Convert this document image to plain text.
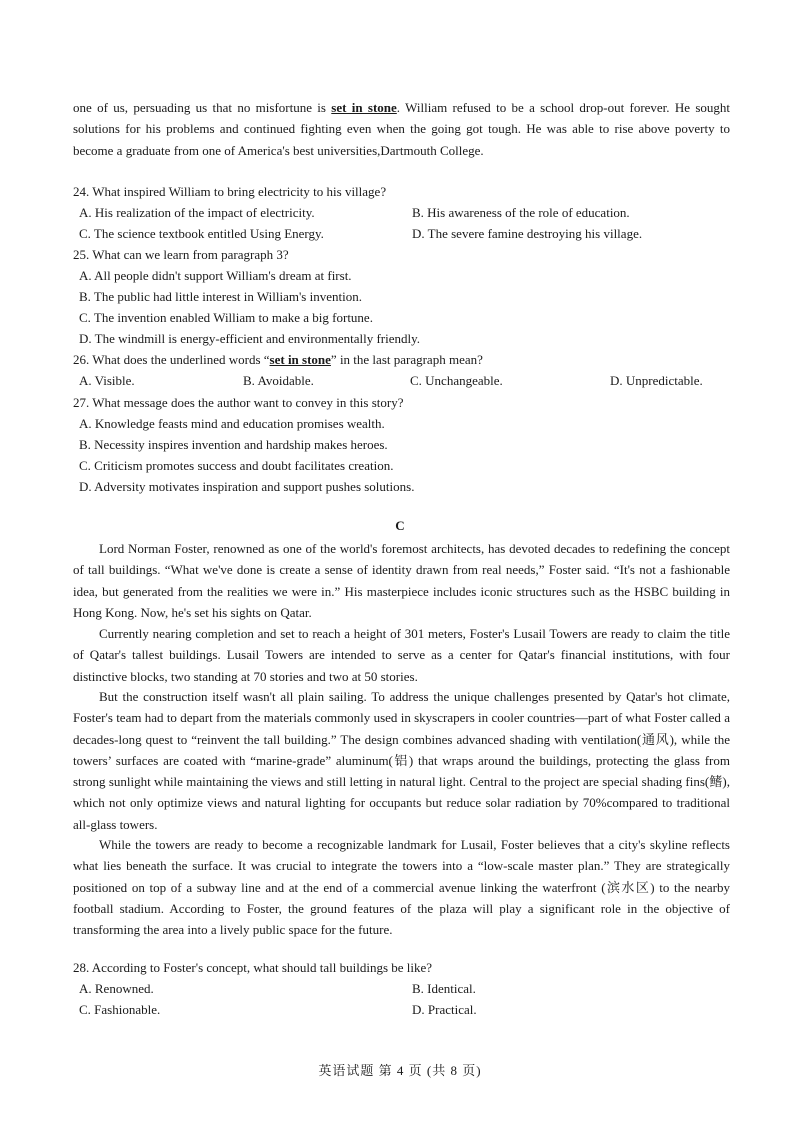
one of us, persuading us that no misfortune is set in stone. William refused to be a school drop-out forever. He sought solutions for his problems and continued fighting even when the going got tough. He was able to rise above poverty to become a graduate from one of America's best universities,Dartmouth College.

24. What inspired William to bring electricity to his village?
A. His realization of the impact of electricity.	B. His awareness of the role of education.
C. The science textbook entitled Using Energy.	D. The severe famine destroying his village.
25. What can we learn from paragraph 3?
A. All people didn't support William's dream at first.
B. The public had little interest in William's invention.
C. The invention enabled William to make a big fortune.
D. The windmill is energy-efficient and environmentally friendly.
26. What does the underlined words “set in stone” in the last paragraph mean?
A. Visible.	B. Avoidable.	C. Unchangeable.	D. Unpredictable.
27. What message does the author want to convey in this story?
A. Knowledge feasts mind and education promises wealth.
B. Necessity inspires invention and hardship makes heroes.
C. Criticism promotes success and doubt facilitates creation.
D. Adversity motivates inspiration and support pushes solutions.
C

Lord Norman Foster, renowned as one of the world's foremost architects, has devoted decades to redefining the concept of tall buildings. “What we've done is create a sense of identity drawn from real needs,” Foster said. “It's not a fashionable idea, but generated from the realities we were in.” His masterpiece includes iconic structures such as the HSBC building in Hong Kong. Now, he's set his sights on Qatar.

Currently nearing completion and set to reach a height of 301 meters, Foster's Lusail Towers are ready to claim the title of Qatar's tallest buildings. Lusail Towers are intended to serve as a center for Qatar's financial institutions, with four distinctive blocks, two standing at 70 stories and two at 50 stories.

But the construction itself wasn't all plain sailing. To address the unique challenges presented by Qatar's hot climate, Foster's team had to depart from the materials commonly used in skyscrapers in cooler countries—part of what Foster called a decades-long quest to “reinvent the tall building.” The design combines advanced shading with ventilation(通风), while the towers’ surfaces are coated with “marine-grade” aluminum(铝) that wraps around the buildings, protecting the glass from strong sunlight while maintaining the views and still letting in natural light. Central to the project are special shading fins(鳍), which not only optimize views and natural lighting for occupants but reduce solar radiation by 70%compared to traditional all-glass towers.

While the towers are ready to become a recognizable landmark for Lusail, Foster believes that a city's skyline reflects what lies beneath the surface. It was crucial to integrate the towers into a “low-scale master plan.” They are strategically positioned on top of a subway line and at the end of a commercial avenue linking the waterfront (滨水区) to the nearby football stadium. According to Foster, the ground features of the plaza will play a significant role in the objective of transforming the area into a lively public space for the future.

28. According to Foster's concept, what should tall buildings be like?
A. Renowned.	B. Identical.
C. Fashionable.	D. Practical.
英语试题 第 4 页 (共 8 页)
